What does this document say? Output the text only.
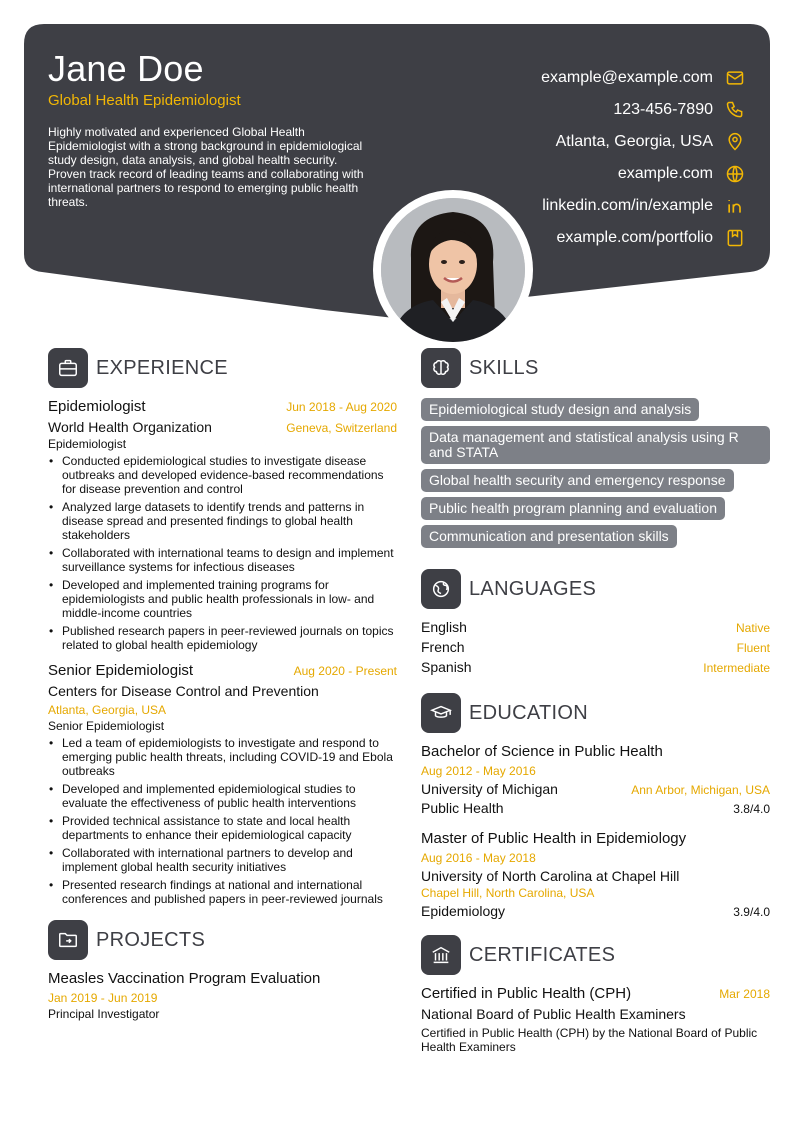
Jane Doe
Global Health Epidemiologist
Highly motivated and experienced Global Health Epidemiologist with a strong background in epidemiological study design, data analysis, and global health security. Proven track record of leading teams and collaborating with international partners to respond to emerging public health threats.
example@example.com
123-456-7890
Atlanta, Georgia, USA
example.com
linkedin.com/in/example
example.com/portfolio
EXPERIENCE
Epidemiologist	Jun 2018 - Aug 2020
World Health Organization	Geneva, Switzerland
Epidemiologist
• Conducted epidemiological studies to investigate disease outbreaks and developed evidence-based recommendations for disease prevention and control
• Analyzed large datasets to identify trends and patterns in disease spread and presented findings to global health stakeholders
• Collaborated with international teams to design and implement surveillance systems for infectious diseases
• Developed and implemented training programs for epidemiologists and public health professionals in low- and middle-income countries
• Published research papers in peer-reviewed journals on topics related to global health epidemiology
Senior Epidemiologist	Aug 2020 - Present
Centers for Disease Control and Prevention
Atlanta, Georgia, USA
Senior Epidemiologist
• Led a team of epidemiologists to investigate and respond to emerging public health threats, including COVID-19 and Ebola outbreaks
• Developed and implemented epidemiological studies to evaluate the effectiveness of public health interventions
• Provided technical assistance to state and local health departments to enhance their epidemiological capacity
• Collaborated with international partners to develop and implement global health security initiatives
• Presented research findings at national and international conferences and published papers in peer-reviewed journals
PROJECTS
Measles Vaccination Program Evaluation
Jan 2019 - Jun 2019
Principal Investigator
SKILLS
Epidemiological study design and analysis
Data management and statistical analysis using R and STATA
Global health security and emergency response
Public health program planning and evaluation
Communication and presentation skills
LANGUAGES
English	Native
French	Fluent
Spanish	Intermediate
EDUCATION
Bachelor of Science in Public Health
Aug 2012 - May 2016
University of Michigan	Ann Arbor, Michigan, USA
Public Health	3.8/4.0
Master of Public Health in Epidemiology
Aug 2016 - May 2018
University of North Carolina at Chapel Hill
Chapel Hill, North Carolina, USA
Epidemiology	3.9/4.0
CERTIFICATES
Certified in Public Health (CPH)	Mar 2018
National Board of Public Health Examiners
Certified in Public Health (CPH) by the National Board of Public Health Examiners
